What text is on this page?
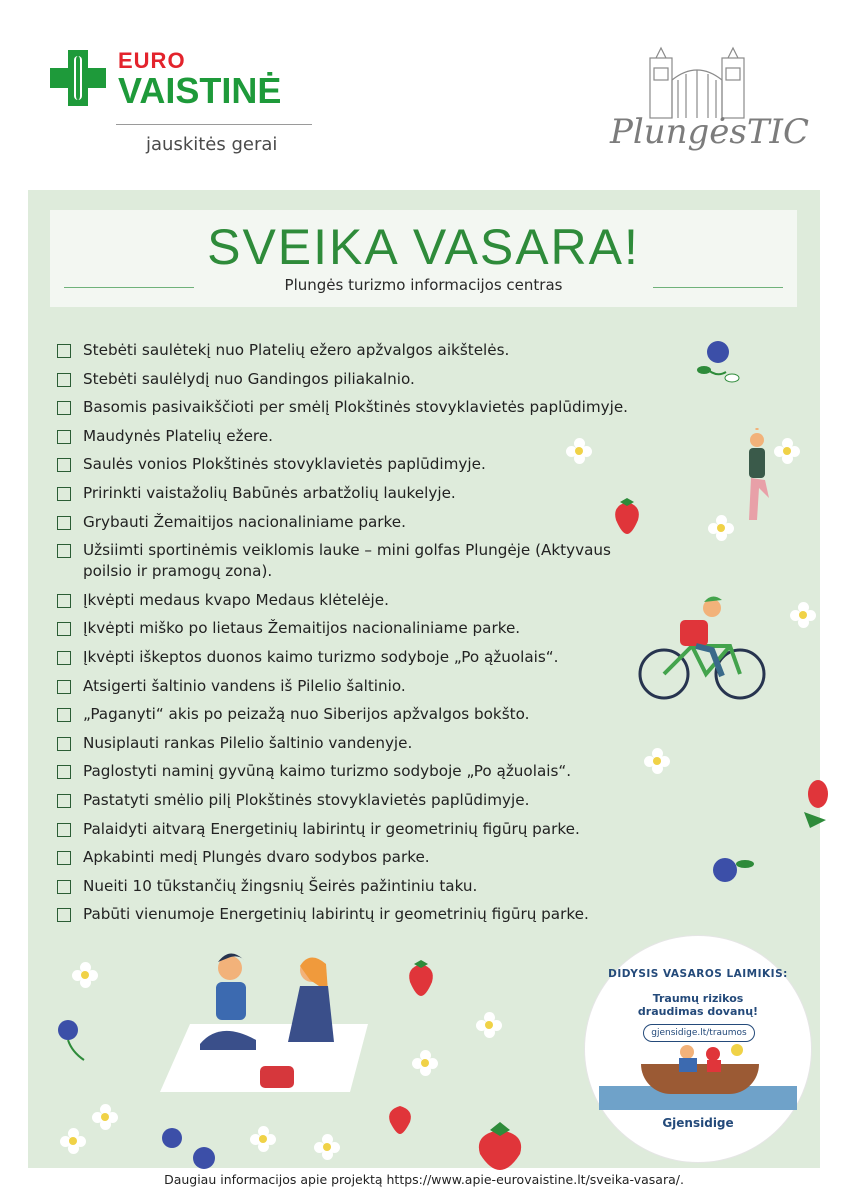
EURO
VAISTINĖ
jauskitės gerai	PlungėsTIC
SVEIKA VASARA!
Plungės turizmo informacijos centras
Stebėti saulėtekį nuo Platelių ežero apžvalgos aikštelės.
Stebėti saulėlydį nuo Gandingos piliakalnio.
Basomis pasivaikščioti per smėlį Plokštinės stovyklavietės paplūdimyje.
Maudynės Platelių ežere.
Saulės vonios Plokštinės stovyklavietės paplūdimyje.
Pririnkti vaistažolių Babūnės arbatžolių laukelyje.
Grybauti Žemaitijos nacionaliniame parke.
Užsiimti sportinėmis veiklomis lauke – mini golfas Plungėje (Aktyvaus poilsio ir pramogų zona).
Įkvėpti medaus kvapo Medaus klėtelėje.
Įkvėpti miško po lietaus Žemaitijos nacionaliniame parke.
Įkvėpti iškeptos duonos kaimo turizmo sodyboje „Po ąžuolais“.
Atsigerti šaltinio vandens iš Pilelio šaltinio.
„Paganyti“ akis po peizažą nuo Siberijos apžvalgos bokšto.
Nusiplauti rankas Pilelio šaltinio vandenyje.
Paglostyti naminį gyvūną kaimo turizmo sodyboje „Po ąžuolais“.
Pastatyti smėlio pilį Plokštinės stovyklavietės paplūdimyje.
Palaidyti aitvarą Energetinių labirintų ir geometrinių figūrų parke.
Apkabinti medį Plungės dvaro sodybos parke.
Nueiti 10 tūkstančių žingsnių Šeirės pažintiniu taku.
Pabūti vienumoje Energetinių labirintų ir geometrinių figūrų parke.
DIDYSIS VASAROS LAIMIKIS:
Traumų rizikos
draudimas dovanų!
gjensidige.lt/traumos
Gjensidige
Daugiau informacijos apie projektą https://www.apie-eurovaistine.lt/sveika-vasara/.
